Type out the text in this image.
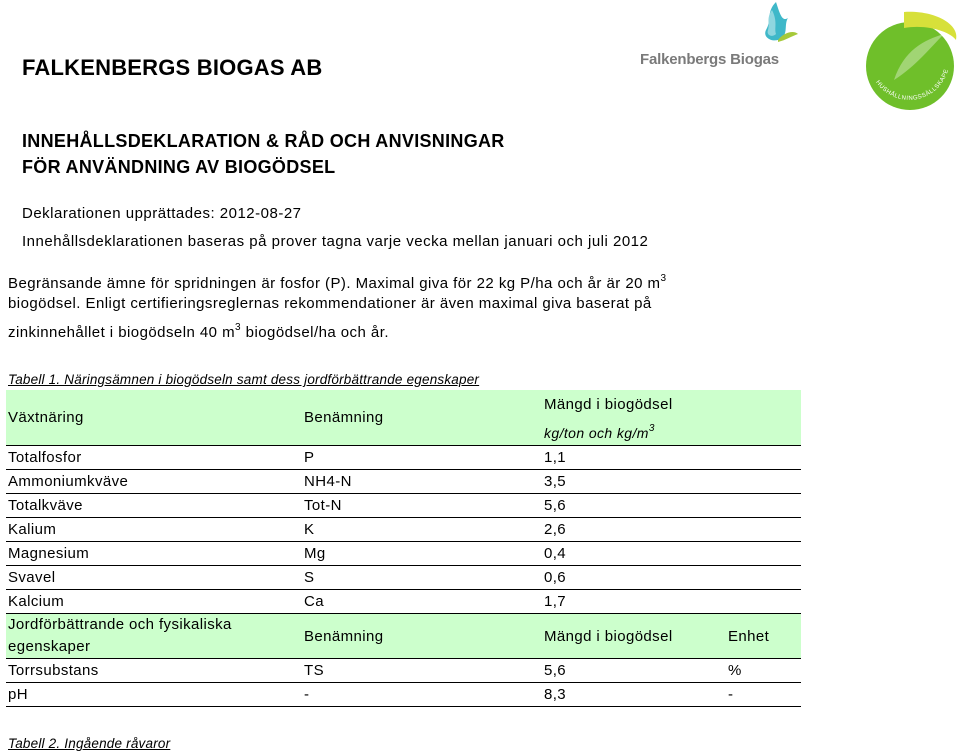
FALKENBERGS BIOGAS AB	Falkenbergs Biogas
HUSHÅLLNINGSSÄLLSKAPE
INNEHÅLLSDEKLARATION & RÅD OCH ANVISNINGAR
FÖR ANVÄNDNING AV BIOGÖDSEL
Deklarationen upprättades: 2012-08-27
Innehållsdeklarationen baseras på prover tagna varje vecka mellan januari och juli 2012
Begränsande ämne för spridningen är fosfor (P). Maximal giva för 22 kg P/ha och år är 20 $m^3$
biogödsel. Enligt certifieringsreglernas rekommendationer är även maximal giva baserat på
zinkinnehållet i biogödseln 40 $m^3$ biogödsel/ha och år.
Tabell 1. Näringsämnen i biogödseln samt dess jordförbättrande egenskaper
Växtnäring	Benämning	Mängd i biogödsel
kg/ton och $kg/m^3$

Totalfosfor	P	1,1	
Ammoniumkväve	NH4-N	3,5	
Totalkväve	Tot-N	5,6	
Kalium	K	2,6	
Magnesium	Mg	0,4	
Svavel	S	0,6	
Kalcium	Ca	1,7	
Jordförbättrande och fysikaliska egenskaper	Benämning	Mängd i biogödsel	Enhet
Torrsubstans	TS	5,6	%
pH	-	8,3	-
Tabell 2. Ingående råvaror
